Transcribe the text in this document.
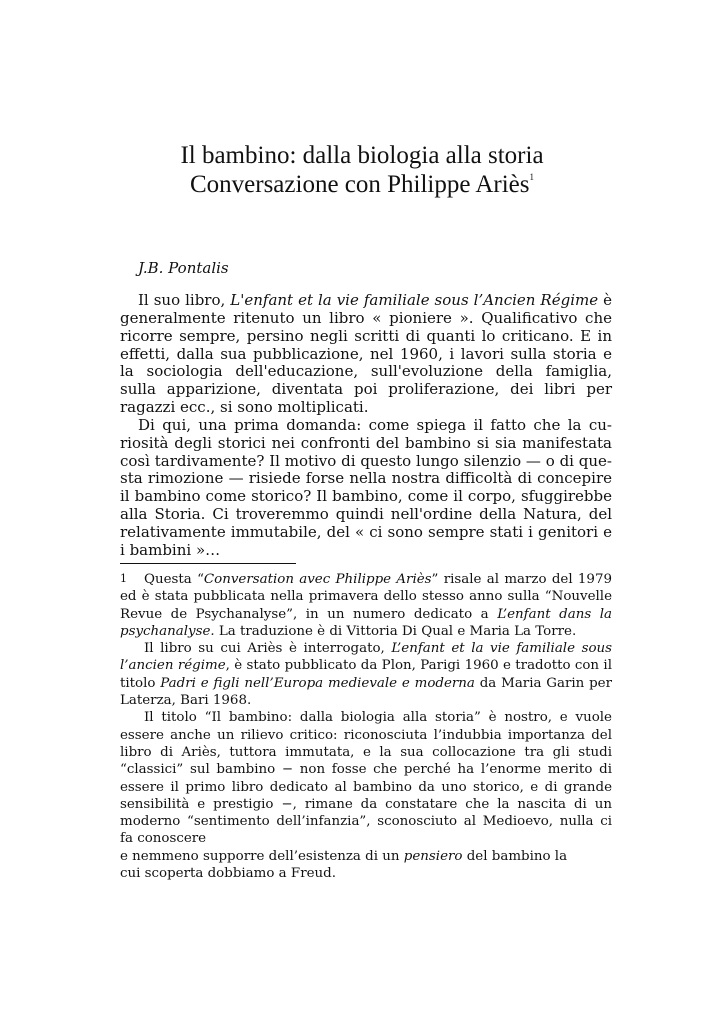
Il bambino: dalla biologia alla storia
Conversazione con Philippe Ariès$^1$
J.B. Pontalis

Il suo libro, L'enfant et la vie familiale sous l’Ancien Régime è generalmente ritenuto un libro « pioniere ». Qualificativo che ricorre sempre, persino negli scritti di quanti lo criticano. E in effetti, dalla sua pubblicazione, nel 1960, i lavori sulla storia e la sociologia dell'educazione, sull'evoluzione della famiglia, sulla apparizione, diventata poi proliferazione, dei libri per ragazzi ecc., si sono moltiplicati.

Di qui, una prima domanda: come spiega il fatto che la curiosità degli storici nei confronti del bambino si sia manifestata così tardivamente? Il motivo di questo lungo silenzio — o di questa rimozione — risiede forse nella nostra difficoltà di concepire il bambino come storico? Il bambino, come il corpo, sfuggirebbe alla Storia. Ci troveremmo quindi nell'ordine della Natura, del relativamente immutabile, del « ci sono sempre stati i genitori e i bambini »…

1 Questa “Conversation avec Philippe Ariès” risale al marzo del 1979 ed è stata pubblicata nella primavera dello stesso anno sulla “Nouvelle Revue de Psychanalyse”, in un numero dedicato a L’enfant dans la psychanalyse. La traduzione è di Vittoria Di Qual e Maria La Torre.

Il libro su cui Ariès è interrogato, L’enfant et la vie familiale sous l’ancien régime, è stato pubblicato da Plon, Parigi 1960 e tradotto con il titolo Padri e figli nell’Europa medievale e moderna da Maria Garin per Laterza, Bari 1968.

Il titolo “Il bambino: dalla biologia alla storia” è nostro, e vuole essere anche un rilievo critico: riconosciuta l’indubbia importanza del libro di Ariès, tuttora immutata, e la sua collocazione tra gli studi “classici” sul bambino − non fosse che perché ha l’enorme merito di essere il primo libro dedicato al bambino da uno storico, e di grande sensibilità e prestigio −, rimane da constatare che la nascita di un moderno “sentimento dell’infanzia”, sconosciuto al Medioevo, nulla ci fa conoscere

e nemmeno supporre dell’esistenza di un pensiero del bambino la
cui scoperta dobbiamo a Freud.
